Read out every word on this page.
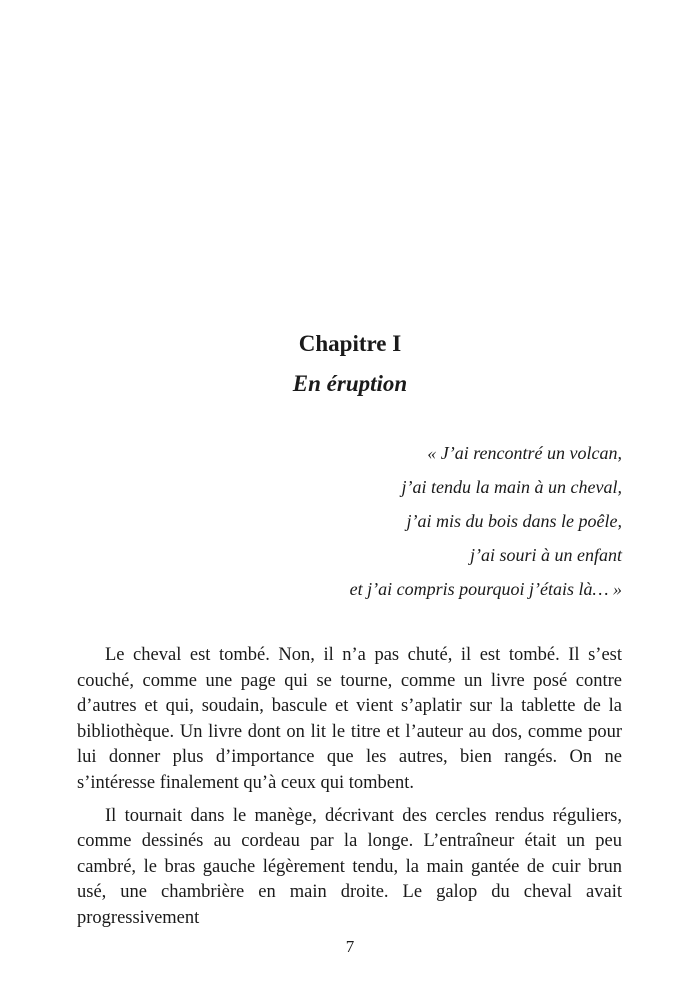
Chapitre I
En éruption
« J’ai rencontré un volcan,
j’ai tendu la main à un cheval,
j’ai mis du bois dans le poêle,
j’ai souri à un enfant
et j’ai compris pourquoi j’étais là… »

Le cheval est tombé. Non, il n’a pas chuté, il est tombé. Il s’est couché, comme une page qui se tourne, comme un livre posé contre d’autres et qui, soudain, bascule et vient s’aplatir sur la tablette de la bibliothèque. Un livre dont on lit le titre et l’auteur au dos, comme pour lui donner plus d’importance que les autres, bien rangés. On ne s’intéresse finalement qu’à ceux qui tombent.

Il tournait dans le manège, décrivant des cercles rendus réguliers, comme dessinés au cordeau par la longe. L’entraîneur était un peu cambré, le bras gauche légèrement tendu, la main gantée de cuir brun usé, une chambrière en main droite. Le galop du cheval avait progressivement

7
